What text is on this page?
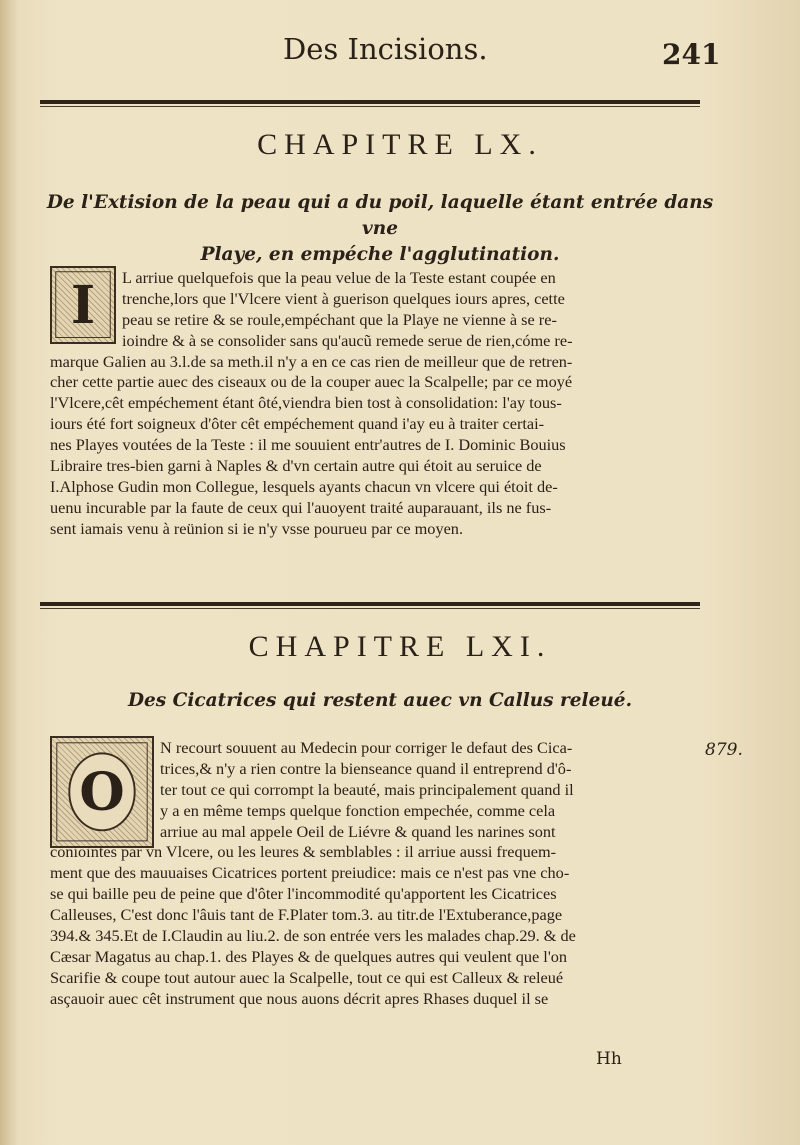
Des Incisions.	241
CHAPITRE LX.
De l'Extision de la peau qui a du poil, laquelle étant entrée dans vne
Playe, en empéche l'agglutination.
I	L arriue quelquefois que la peau velue de la Teste estant coupée en
trenche,lors que l'Vlcere vient à guerison quelques iours apres, cette
peau se retire & se roule,empéchant que la Playe ne vienne à se re-
ioindre & à se consolider sans qu'aucũ remede serue de rien,cóme re-
marque Galien au 3.l.de sa meth.il n'y a en ce cas rien de meilleur que de retren-
cher cette partie auec des ciseaux ou de la couper auec la Scalpelle; par ce moyé
l'Vlcere,cêt empéchement étant ôté,viendra bien tost à consolidation: l'ay tous-
iours été fort soigneux d'ôter cêt empéchement quand i'ay eu à traiter certai-
nes Playes voutées de la Teste : il me souuient entr'autres de I. Dominic Bouius
Libraire tres-bien garni à Naples & d'vn certain autre qui étoit au seruice de
I.Alphose Gudin mon Collegue, lesquels ayants chacun vn vlcere qui étoit de-
uenu incurable par la faute de ceux qui l'auoyent traité auparauant, ils ne fus-
sent iamais venu à reünion si ie n'y vsse pourueu par ce moyen.
CHAPITRE LXI.
Des Cicatrices qui restent auec vn Callus releué.
O
N recourt souuent au Medecin pour corriger le defaut des Cica-
trices,& n'y a rien contre la bienseance quand il entreprend d'ô-
ter tout ce qui corrompt la beauté, mais principalement quand il
y a en même temps quelque fonction empechée, comme cela
arriue au mal appele Oeil de Liévre & quand les narines sont
coniointes par vn Vlcere, ou les leures & semblables : il arriue aussi frequem-
ment que des mauuaises Cicatrices portent preiudice: mais ce n'est pas vne cho-
se qui baille peu de peine que d'ôter l'incommodité qu'apportent les Cicatrices
Calleuses, C'est donc l'âuis tant de F.Plater tom.3. au titr.de l'Extuberance,page
394.& 345.Et de I.Claudin au liu.2. de son entrée vers les malades chap.29. & de
Cæsar Magatus au chap.1. des Playes & de quelques autres qui veulent que l'on
Scarifie & coupe tout autour auec la Scalpelle, tout ce qui est Calleux & releué
asçauoir auec cêt instrument que nous auons décrit apres Rhases duquel il se
879.
Hh
